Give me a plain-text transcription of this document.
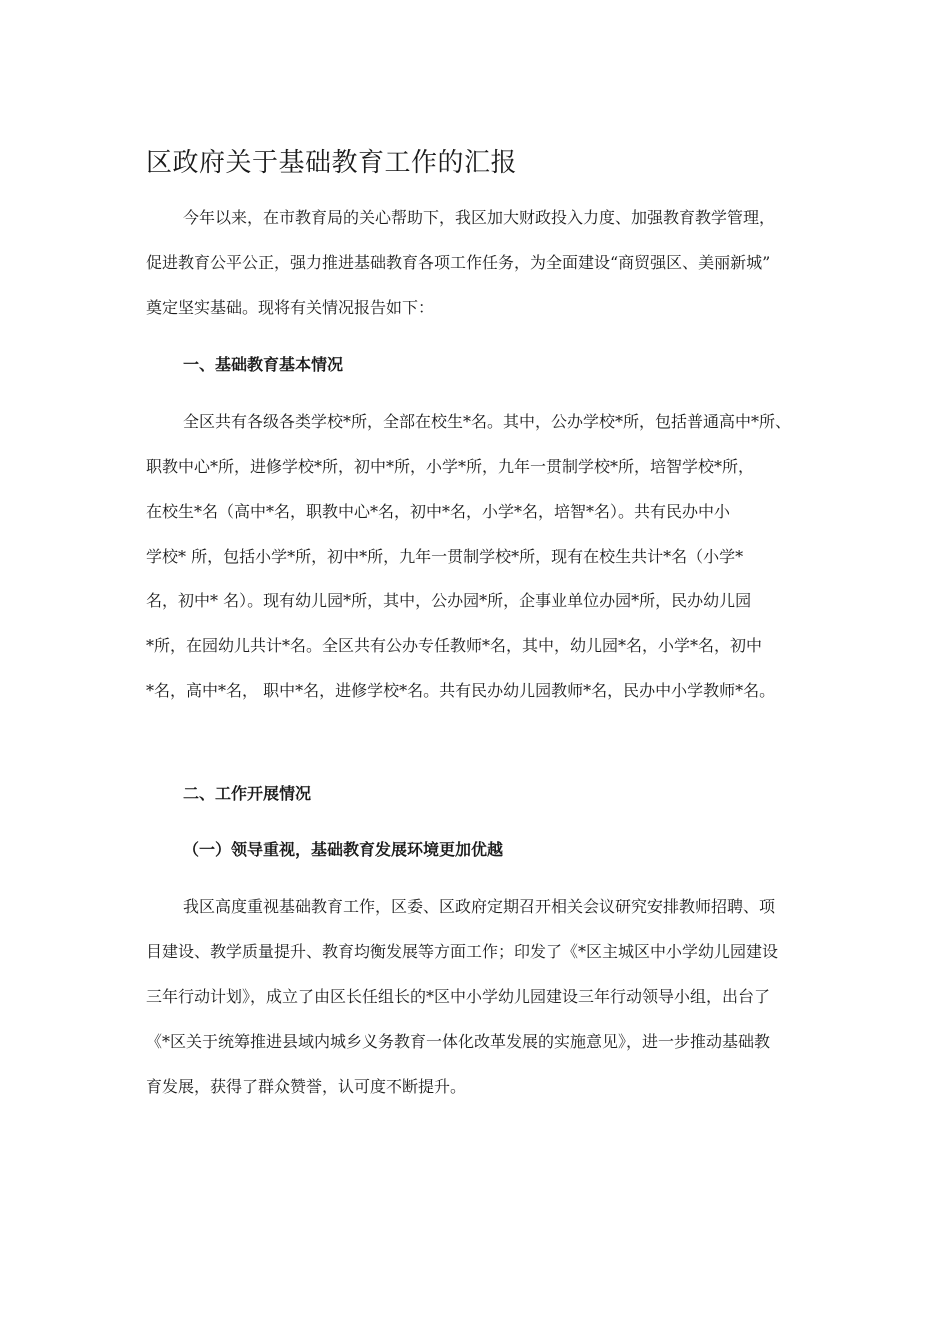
区政府关于基础教育工作的汇报

今年以来，在市教育局的关心帮助下，我区加大财政投入力度、加强教育教学管理，

促进教育公平公正，强力推进基础教育各项工作任务，为全面建设“商贸强区、美丽新城”

奠定坚实基础。现将有关情况报告如下：

一、基础教育基本情况

全区共有各级各类学校*所，全部在校生*名。其中，公办学校*所，包括普通高中*所、

职教中心*所，进修学校*所，初中*所，小学*所，九年一贯制学校*所，培智学校*所，

在校生*名（高中*名，职教中心*名，初中*名，小学*名，培智*名）。共有民办中小

学校* 所，包括小学*所，初中*所，九年一贯制学校*所，现有在校生共计*名（小学*

名，初中* 名）。现有幼儿园*所，其中，公办园*所，企事业单位办园*所，民办幼儿园

*所，在园幼儿共计*名。全区共有公办专任教师*名，其中，幼儿园*名，小学*名，初中

*名，高中*名， 职中*名，进修学校*名。共有民办幼儿园教师*名，民办中小学教师*名。

二、工作开展情况
（一）领导重视，基础教育发展环境更加优越

我区高度重视基础教育工作，区委、区政府定期召开相关会议研究安排教师招聘、项

目建设、教学质量提升、教育均衡发展等方面工作；印发了《*区主城区中小学幼儿园建设

三年行动计划》，成立了由区长任组长的*区中小学幼儿园建设三年行动领导小组，出台了

《*区关于统筹推进县域内城乡义务教育一体化改革发展的实施意见》，进一步推动基础教

育发展，获得了群众赞誉，认可度不断提升。
